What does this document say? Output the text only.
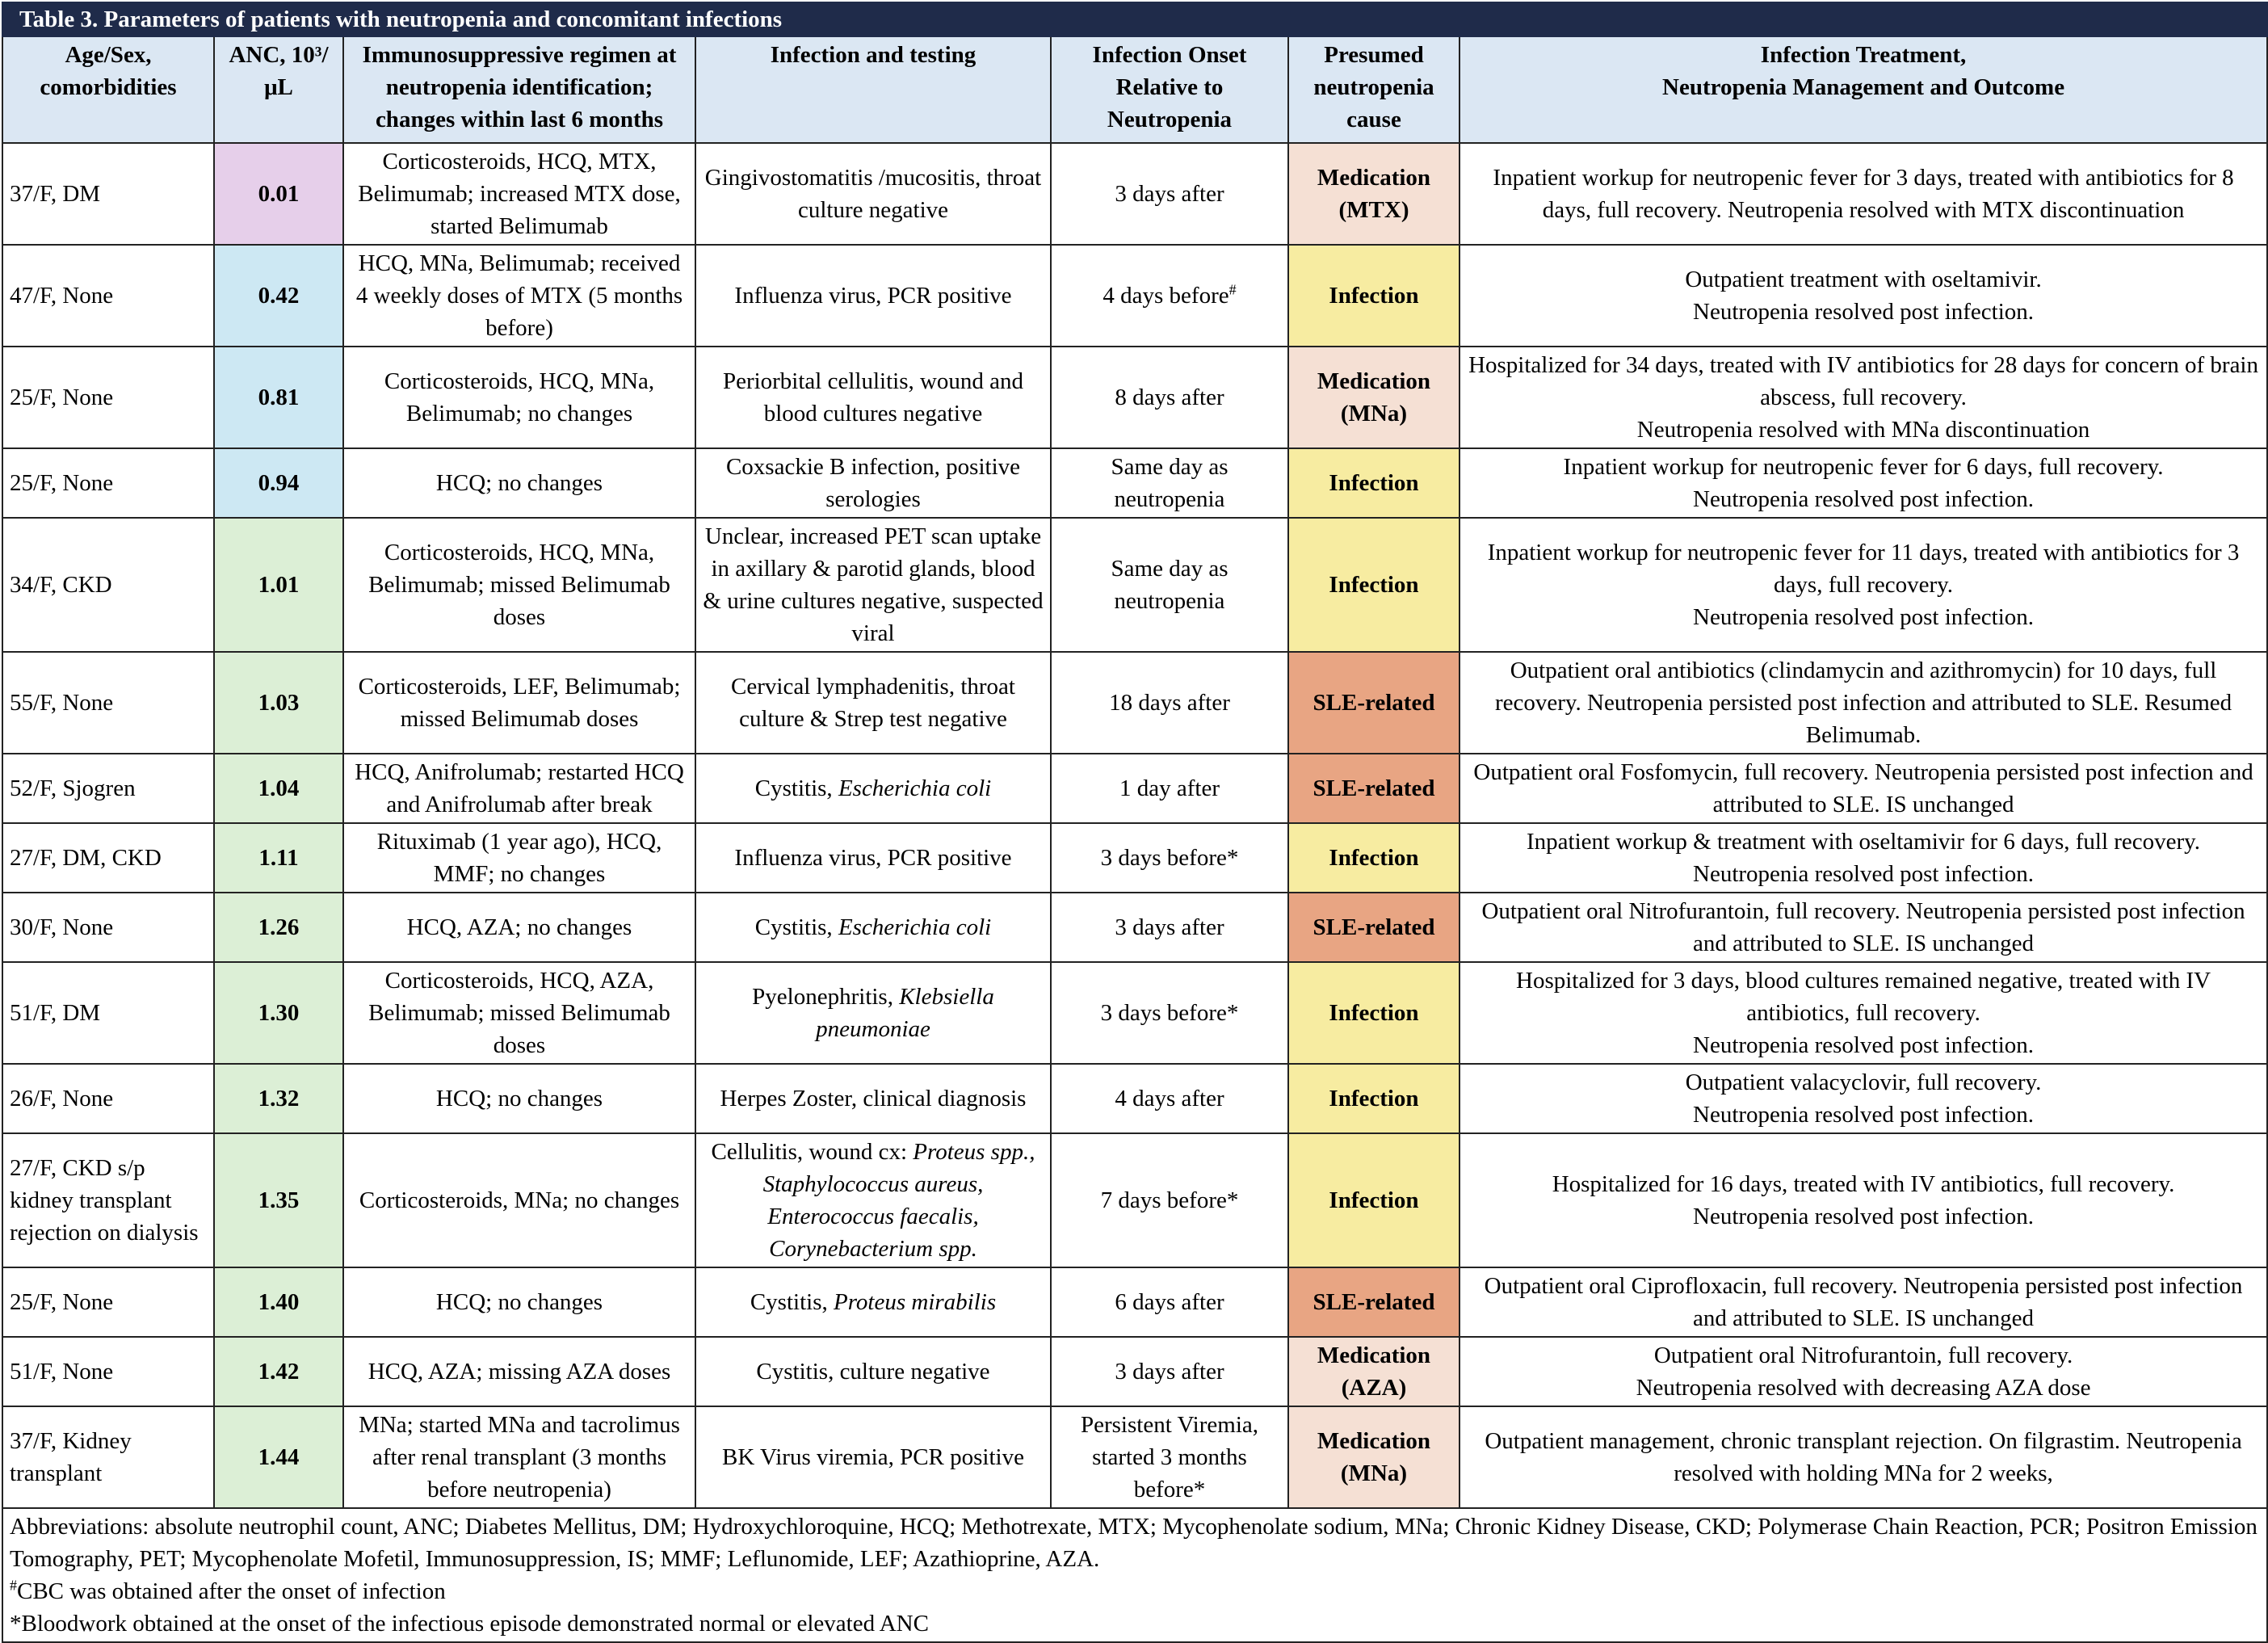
Table 3. Parameters of patients with neutropenia and concomitant infections						
Age/Sex, comorbidities	ANC, 10³/μL	Immunosuppressive regimen at neutropenia identification; changes within last 6 months	Infection and testing	Infection Onset Relative to Neutropenia	Presumed neutropenia cause	Infection Treatment,
Neutropenia Management and Outcome
37/F, DM	0.01	Corticosteroids, HCQ, MTX, Belimumab; increased MTX dose, started Belimumab	Gingivostomatitis /mucositis, throat culture negative	3 days after	Medication (MTX)	Inpatient workup for neutropenic fever for 3 days, treated with antibiotics for 8 days, full recovery. Neutropenia resolved with MTX discontinuation
47/F, None	0.42	HCQ, MNa, Belimumab; received 4 weekly doses of MTX (5 months before)	Influenza virus, PCR positive	4 days before#	Infection	Outpatient treatment with oseltamivir.
Neutropenia resolved post infection.
25/F, None	0.81	Corticosteroids, HCQ, MNa, Belimumab; no changes	Periorbital cellulitis, wound and blood cultures negative	8 days after	Medication (MNa)	Hospitalized for 34 days, treated with IV antibiotics for 28 days for concern of brain abscess, full recovery.
Neutropenia resolved with MNa discontinuation
25/F, None	0.94	HCQ; no changes	Coxsackie B infection, positive serologies	Same day as neutropenia	Infection	Inpatient workup for neutropenic fever for 6 days, full recovery.
Neutropenia resolved post infection.
34/F, CKD	1.01	Corticosteroids, HCQ, MNa, Belimumab; missed Belimumab doses	Unclear, increased PET scan uptake in axillary & parotid glands, blood & urine cultures negative, suspected viral	Same day as neutropenia	Infection	Inpatient workup for neutropenic fever for 11 days, treated with antibiotics for 3 days, full recovery.
Neutropenia resolved post infection.
55/F, None	1.03	Corticosteroids, LEF, Belimumab; missed Belimumab doses	Cervical lymphadenitis, throat culture & Strep test negative	18 days after	SLE-related	Outpatient oral antibiotics (clindamycin and azithromycin) for 10 days, full recovery. Neutropenia persisted post infection and attributed to SLE. Resumed Belimumab.
52/F, Sjogren	1.04	HCQ, Anifrolumab; restarted HCQ and Anifrolumab after break	Cystitis, Escherichia coli	1 day after	SLE-related	Outpatient oral Fosfomycin, full recovery. Neutropenia persisted post infection and attributed to SLE. IS unchanged
27/F, DM, CKD	1.11	Rituximab (1 year ago), HCQ, MMF; no changes	Influenza virus, PCR positive	3 days before*	Infection	Inpatient workup & treatment with oseltamivir for 6 days, full recovery. Neutropenia resolved post infection.
30/F, None	1.26	HCQ, AZA; no changes	Cystitis, Escherichia coli	3 days after	SLE-related	Outpatient oral Nitrofurantoin, full recovery. Neutropenia persisted post infection and attributed to SLE. IS unchanged
51/F, DM	1.30	Corticosteroids, HCQ, AZA, Belimumab; missed Belimumab doses	Pyelonephritis, Klebsiella pneumoniae	3 days before*	Infection	Hospitalized for 3 days, blood cultures remained negative, treated with IV antibiotics, full recovery.
Neutropenia resolved post infection.
26/F, None	1.32	HCQ; no changes	Herpes Zoster, clinical diagnosis	4 days after	Infection	Outpatient valacyclovir, full recovery.
Neutropenia resolved post infection.
27/F, CKD s/p kidney transplant rejection on dialysis	1.35	Corticosteroids, MNa; no changes	Cellulitis, wound cx: Proteus spp., Staphylococcus aureus, Enterococcus faecalis, Corynebacterium spp.	7 days before*	Infection	Hospitalized for 16 days, treated with IV antibiotics, full recovery.
Neutropenia resolved post infection.
25/F, None	1.40	HCQ; no changes	Cystitis, Proteus mirabilis	6 days after	SLE-related	Outpatient oral Ciprofloxacin, full recovery. Neutropenia persisted post infection and attributed to SLE. IS unchanged
51/F, None	1.42	HCQ, AZA; missing AZA doses	Cystitis, culture negative	3 days after	Medication (AZA)	Outpatient oral Nitrofurantoin, full recovery.
Neutropenia resolved with decreasing AZA dose
37/F, Kidney transplant	1.44	MNa; started MNa and tacrolimus after renal transplant (3 months before neutropenia)	BK Virus viremia, PCR positive	Persistent Viremia, started 3 months before*	Medication (MNa)	Outpatient management, chronic transplant rejection. On filgrastim. Neutropenia resolved with holding MNa for 2 weeks,

Abbreviations: absolute neutrophil count, ANC; Diabetes Mellitus, DM; Hydroxychloroquine, HCQ; Methotrexate, MTX; Mycophenolate sodium, MNa; Chronic Kidney Disease, CKD; Polymerase Chain Reaction, PCR; Positron Emission Tomography, PET; Mycophenolate Mofetil, Immunosuppression, IS; MMF; Leflunomide, LEF; Azathioprine, AZA.

#CBC was obtained after the onset of infection

*Bloodwork obtained at the onset of the infectious episode demonstrated normal or elevated ANC						
